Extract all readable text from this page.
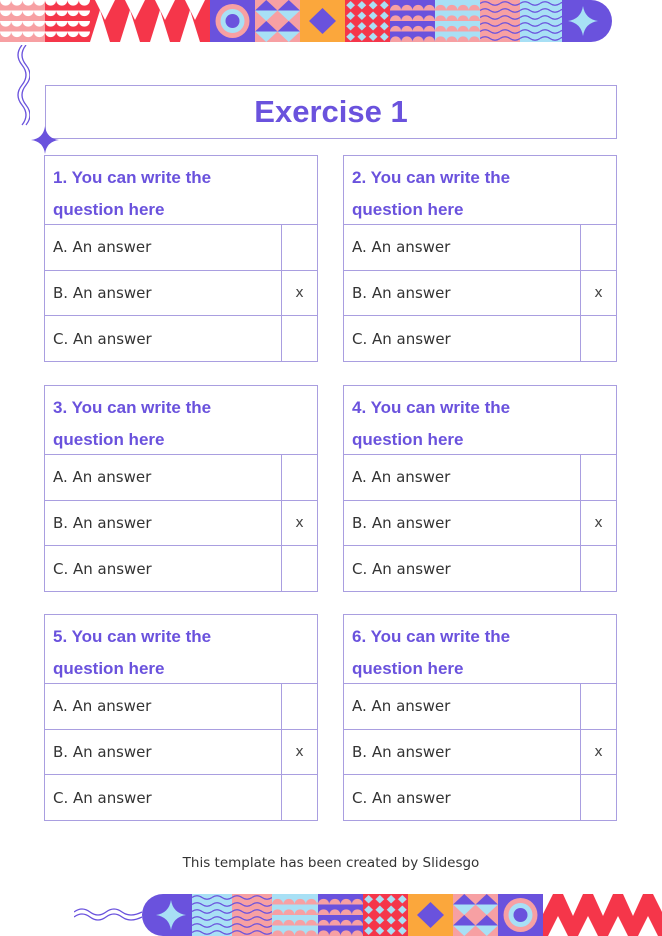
Exercise 1
1. You can write the
question here
A. An answer
B. An answer	x
C. An answer
2. You can write the
question here
A. An answer
B. An answer	x
C. An answer
3. You can write the
question here
A. An answer
B. An answer	x
C. An answer
4. You can write the
question here
A. An answer
B. An answer	x
C. An answer
5. You can write the
question here
A. An answer
B. An answer	x
C. An answer
6. You can write the
question here
A. An answer
B. An answer	x
C. An answer
This template has been created by Slidesgo
